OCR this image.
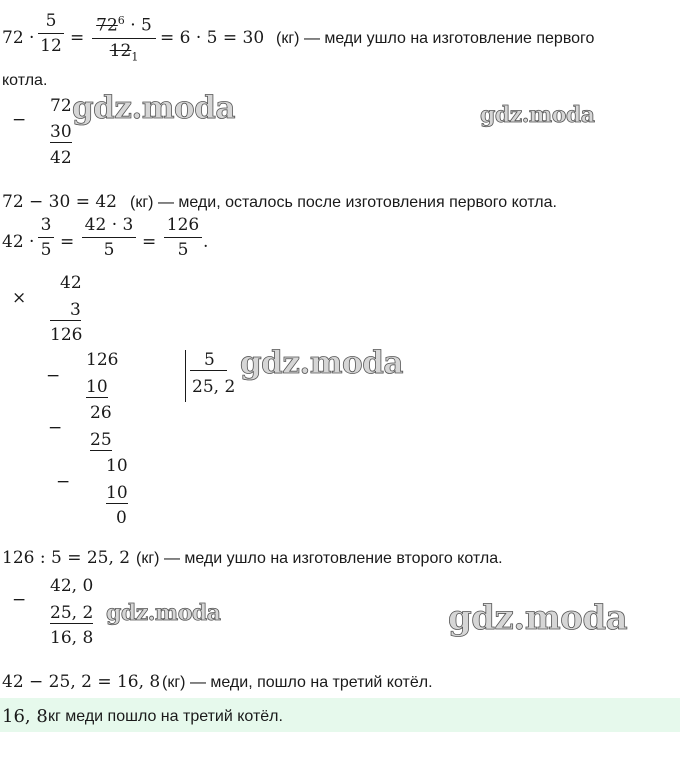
72 ·
5
12 =
$72^6 \cdot 5$
$12_1$
= 6 · 5 = 30 (кг) — меди ушло на изготовление первого
котла.
−
72
30
42
gdz.moda	gdz.moda
72 − 30 = 42 (кг) — меди, осталось после изготовления первого котла.
42 ·
3
5 =
42 · 3
5	=
126
5 .
×
42
3
126
−
126
10
−
26
25
−
10
10
0
5
25, 2
gdz.moda
126 : 5 = 25, 2 (кг) — меди ушло на изготовление второго котла.
−
42, 0
25, 2
16, 8
gdz.moda	gdz.moda
42 − 25, 2 = 16, 8 (кг) — меди, пошло на третий котёл.
16, 8 кг меди пошло на третий котёл.
